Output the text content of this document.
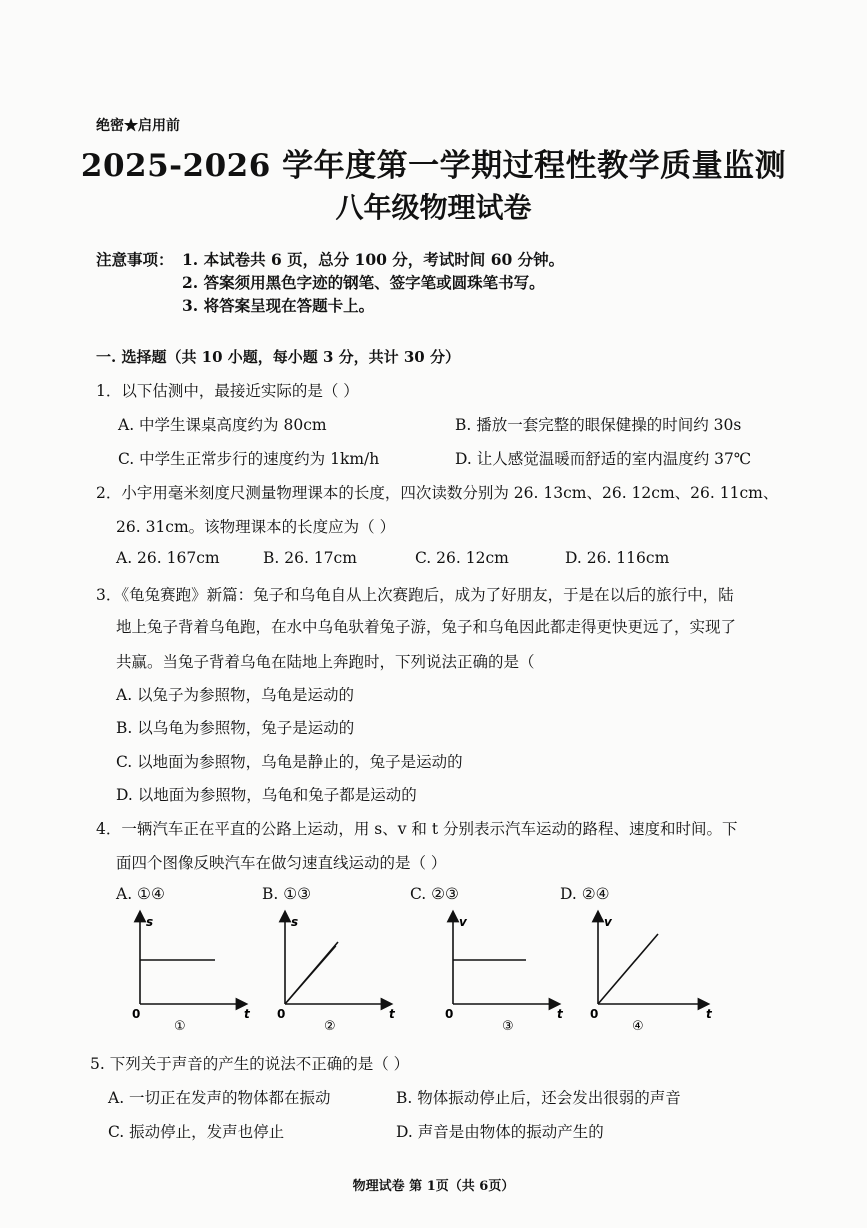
绝密★启用前
2025-2026 学年度第一学期过程性教学质量监测
八年级物理试卷
注意事项： 1. 本试卷共 6 页，总分 100 分，考试时间 60 分钟。
2. 答案须用黑色字迹的钢笔、签字笔或圆珠笔书写。
3. 将答案呈现在答题卡上。
一. 选择题（共 10 小题，每小题 3 分，共计 30 分）
1．以下估测中，最接近实际的是（ ）
A. 中学生课桌高度约为 80cm	B. 播放一套完整的眼保健操的时间约 30s
C. 中学生正常步行的速度约为 1km/h	D. 让人感觉温暖而舒适的室内温度约 37℃
2．小宇用毫米刻度尺测量物理课本的长度，四次读数分别为 26. 13cm、26. 12cm、26. 11cm、
26. 31cm。该物理课本的长度应为（ ）
A. 26. 167cm	B. 26. 17cm	C. 26. 12cm	D. 26. 116cm
3．《龟兔赛跑》新篇：兔子和乌龟自从上次赛跑后，成为了好朋友，于是在以后的旅行中，陆
地上兔子背着乌龟跑，在水中乌龟驮着兔子游，兔子和乌龟因此都走得更快更远了，实现了
共赢。当兔子背着乌龟在陆地上奔跑时，下列说法正确的是（
A. 以兔子为参照物，乌龟是运动的
B. 以乌龟为参照物，兔子是运动的
C. 以地面为参照物，乌龟是静止的，兔子是运动的
D. 以地面为参照物，乌龟和兔子都是运动的
4．一辆汽车正在平直的公路上运动，用 s、v 和 t 分别表示汽车运动的路程、速度和时间。下
面四个图像反映汽车在做匀速直线运动的是（ ）
A. ①④	B. ①③	C. ②③	D. ②④
s
t
0
①
s
t
0
②
v
t
0
③
v
t
0
④
5. 下列关于声音的产生的说法不正确的是（ ）
A. 一切正在发声的物体都在振动	B. 物体振动停止后，还会发出很弱的声音
C. 振动停止，发声也停止	D. 声音是由物体的振动产生的
物理试卷 第 1页（共 6页）
